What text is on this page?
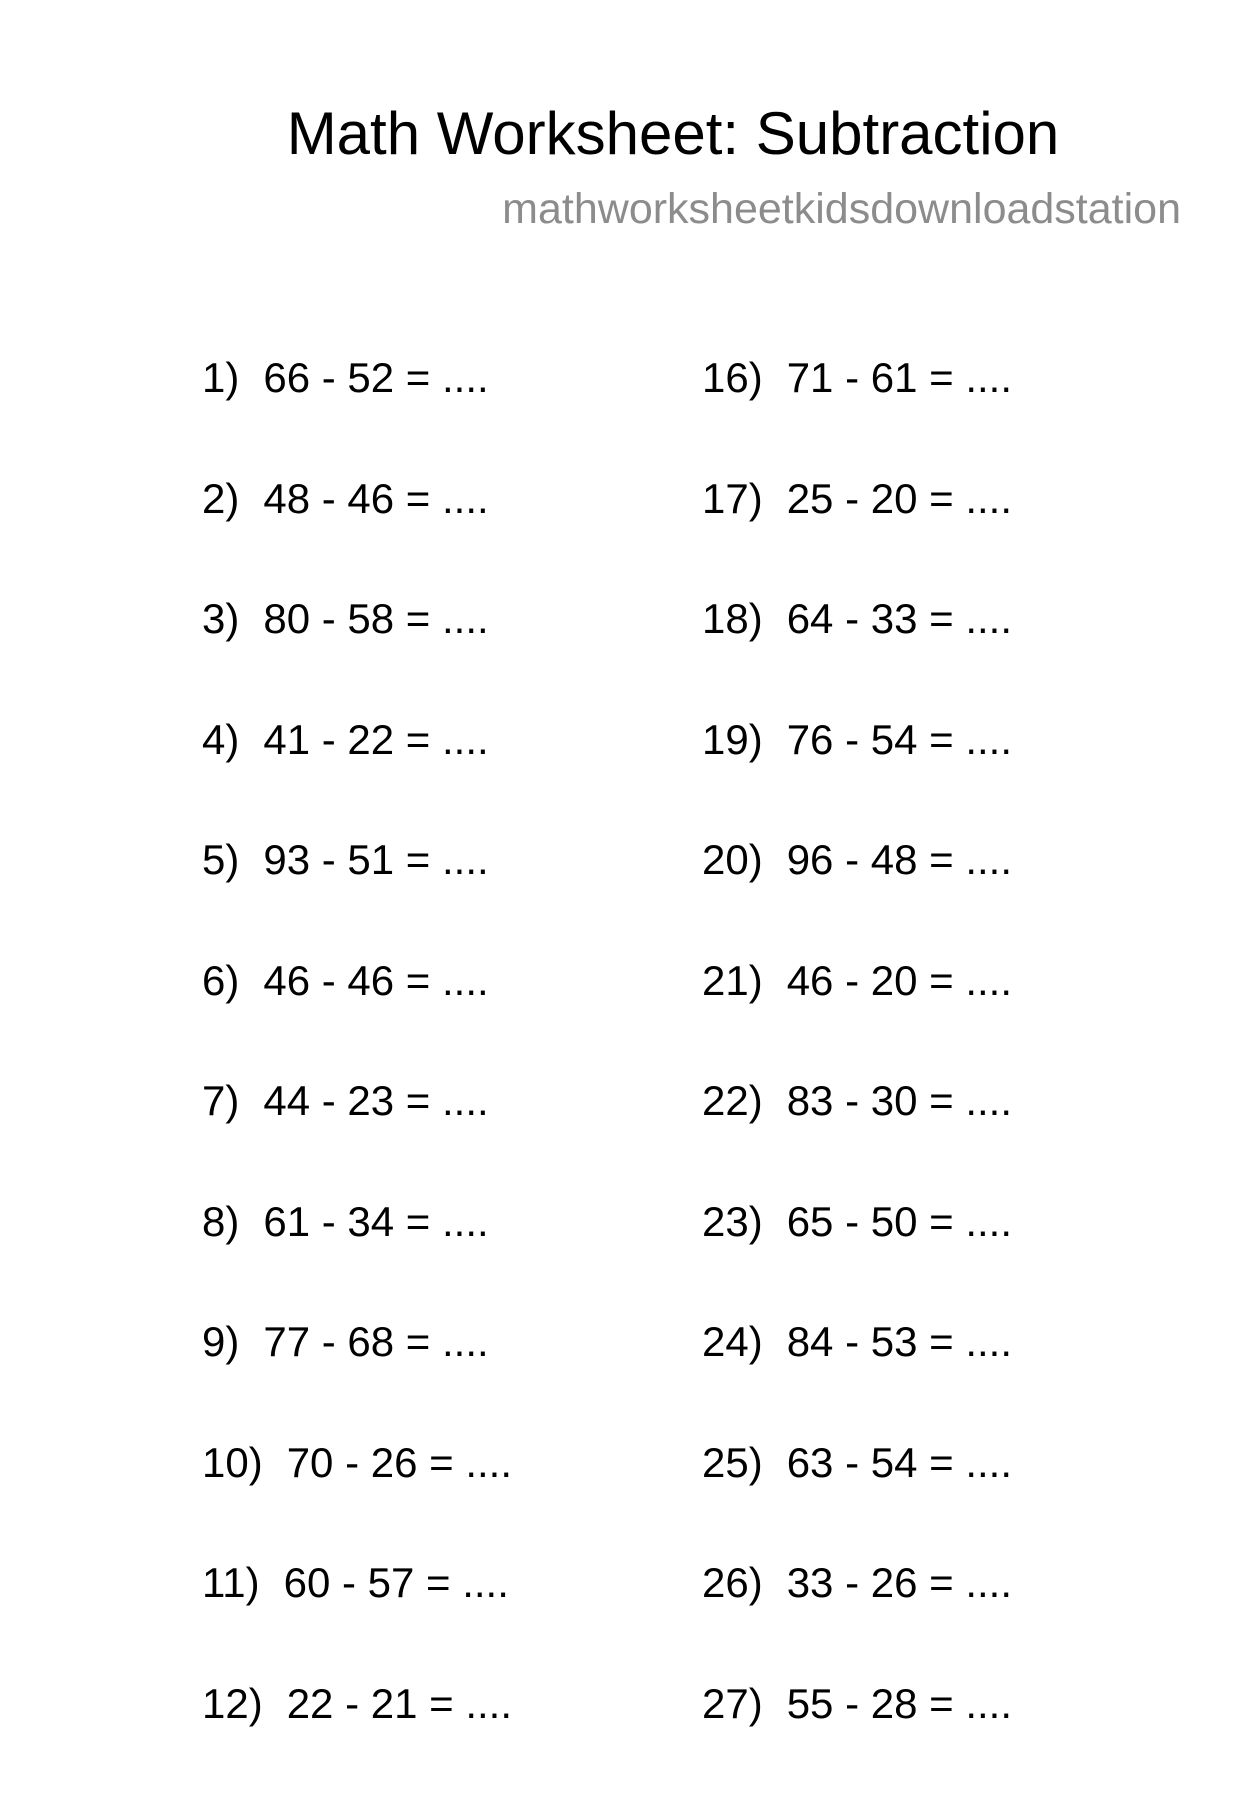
Math Worksheet: Subtraction
mathworksheetkidsdownloadstation
1) 66 - 52 = ....
2) 48 - 46 = ....
3) 80 - 58 = ....
4) 41 - 22 = ....
5) 93 - 51 = ....
6) 46 - 46 = ....
7) 44 - 23 = ....
8) 61 - 34 = ....
9) 77 - 68 = ....
10) 70 - 26 = ....
11) 60 - 57 = ....
12) 22 - 21 = ....
16) 71 - 61 = ....
17) 25 - 20 = ....
18) 64 - 33 = ....
19) 76 - 54 = ....
20) 96 - 48 = ....
21) 46 - 20 = ....
22) 83 - 30 = ....
23) 65 - 50 = ....
24) 84 - 53 = ....
25) 63 - 54 = ....
26) 33 - 26 = ....
27) 55 - 28 = ....
